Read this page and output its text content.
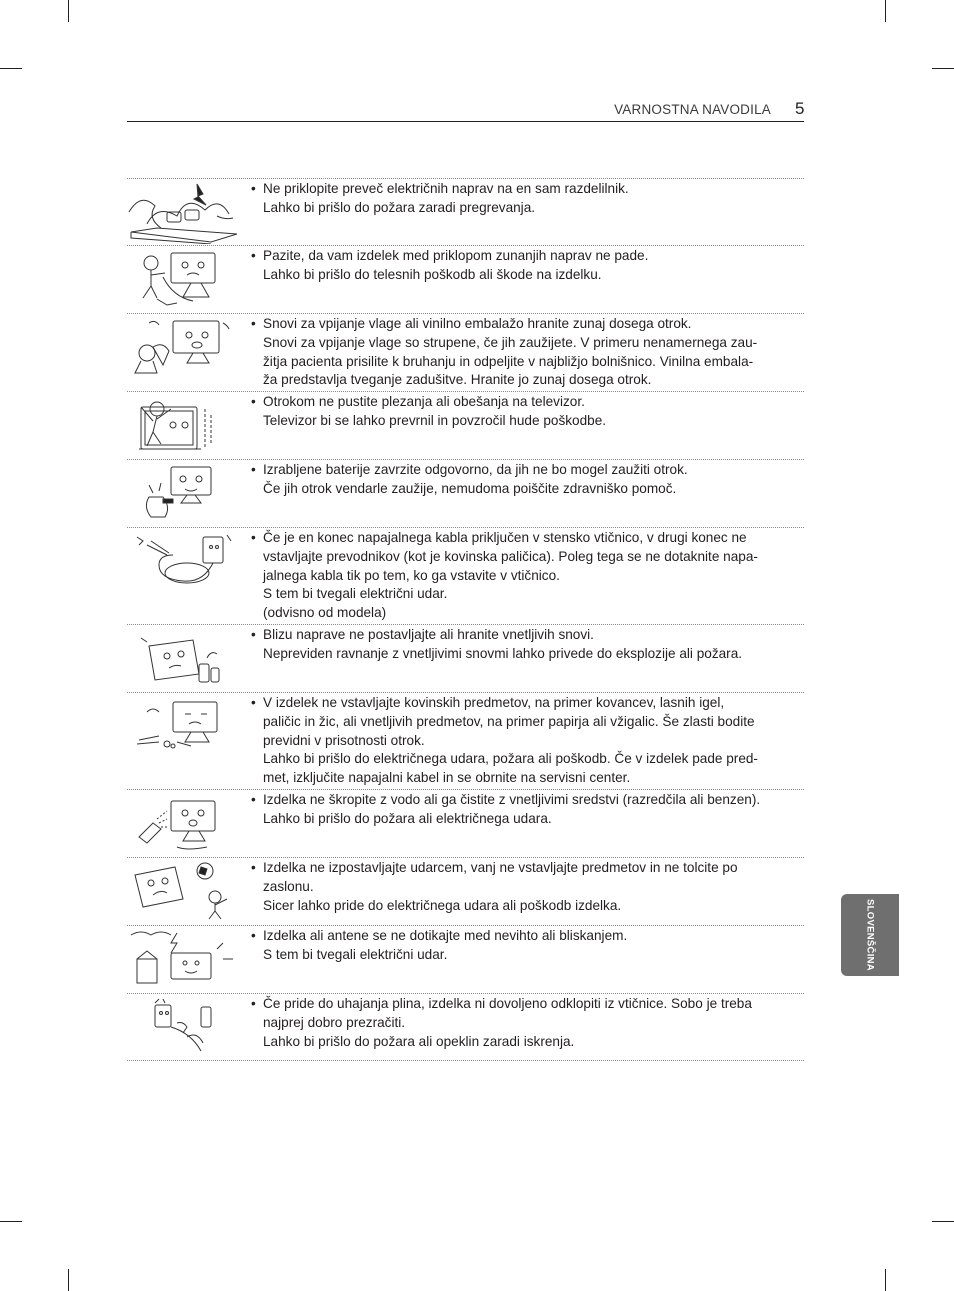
VARNOSTNA NAVODILA 5

• Ne priklopite preveč električnih naprav na en sam razdelilnik.

Lahko bi prišlo do požara zaradi pregrevanja.

• Pazite, da vam izdelek med priklopom zunanjih naprav ne pade.

Lahko bi prišlo do telesnih poškodb ali škode na izdelku.

• Snovi za vpijanje vlage ali vinilno embalažo hranite zunaj dosega otrok.

Snovi za vpijanje vlage so strupene, če jih zaužijete. V primeru nenamernega zau-

žitja pacienta prisilite k bruhanju in odpeljite v najbližjo bolnišnico. Vinilna embala-

ža predstavlja tveganje zadušitve. Hranite jo zunaj dosega otrok.

• Otrokom ne pustite plezanja ali obešanja na televizor.

Televizor bi se lahko prevrnil in povzročil hude poškodbe.

• Izrabljene baterije zavrzite odgovorno, da jih ne bo mogel zaužiti otrok.

Če jih otrok vendarle zaužije, nemudoma poiščite zdravniško pomoč.

• Če je en konec napajalnega kabla priključen v stensko vtičnico, v drugi konec ne

vstavljajte prevodnikov (kot je kovinska paličica). Poleg tega se ne dotaknite napa-

jalnega kabla tik po tem, ko ga vstavite v vtičnico.

S tem bi tvegali električni udar.

(odvisno od modela)

• Blizu naprave ne postavljajte ali hranite vnetljivih snovi.

Nepreviden ravnanje z vnetljivimi snovmi lahko privede do eksplozije ali požara.

• V izdelek ne vstavljajte kovinskih predmetov, na primer kovancev, lasnih igel,

paličic in žic, ali vnetljivih predmetov, na primer papirja ali vžigalic. Še zlasti bodite

previdni v prisotnosti otrok.

Lahko bi prišlo do električnega udara, požara ali poškodb. Če v izdelek pade pred-

met, izključite napajalni kabel in se obrnite na servisni center.

• Izdelka ne škropite z vodo ali ga čistite z vnetljivimi sredstvi (razredčila ali benzen).

Lahko bi prišlo do požara ali električnega udara.

• Izdelka ne izpostavljajte udarcem, vanj ne vstavljajte predmetov in ne tolcite po

zaslonu.

Sicer lahko pride do električnega udara ali poškodb izdelka.

• Izdelka ali antene se ne dotikajte med nevihto ali bliskanjem.

S tem bi tvegali električni udar.

• Če pride do uhajanja plina, izdelka ni dovoljeno odklopiti iz vtičnice. Sobo je treba

najprej dobro prezračiti.

Lahko bi prišlo do požara ali opeklin zaradi iskrenja.

SLOVENŠČINA
